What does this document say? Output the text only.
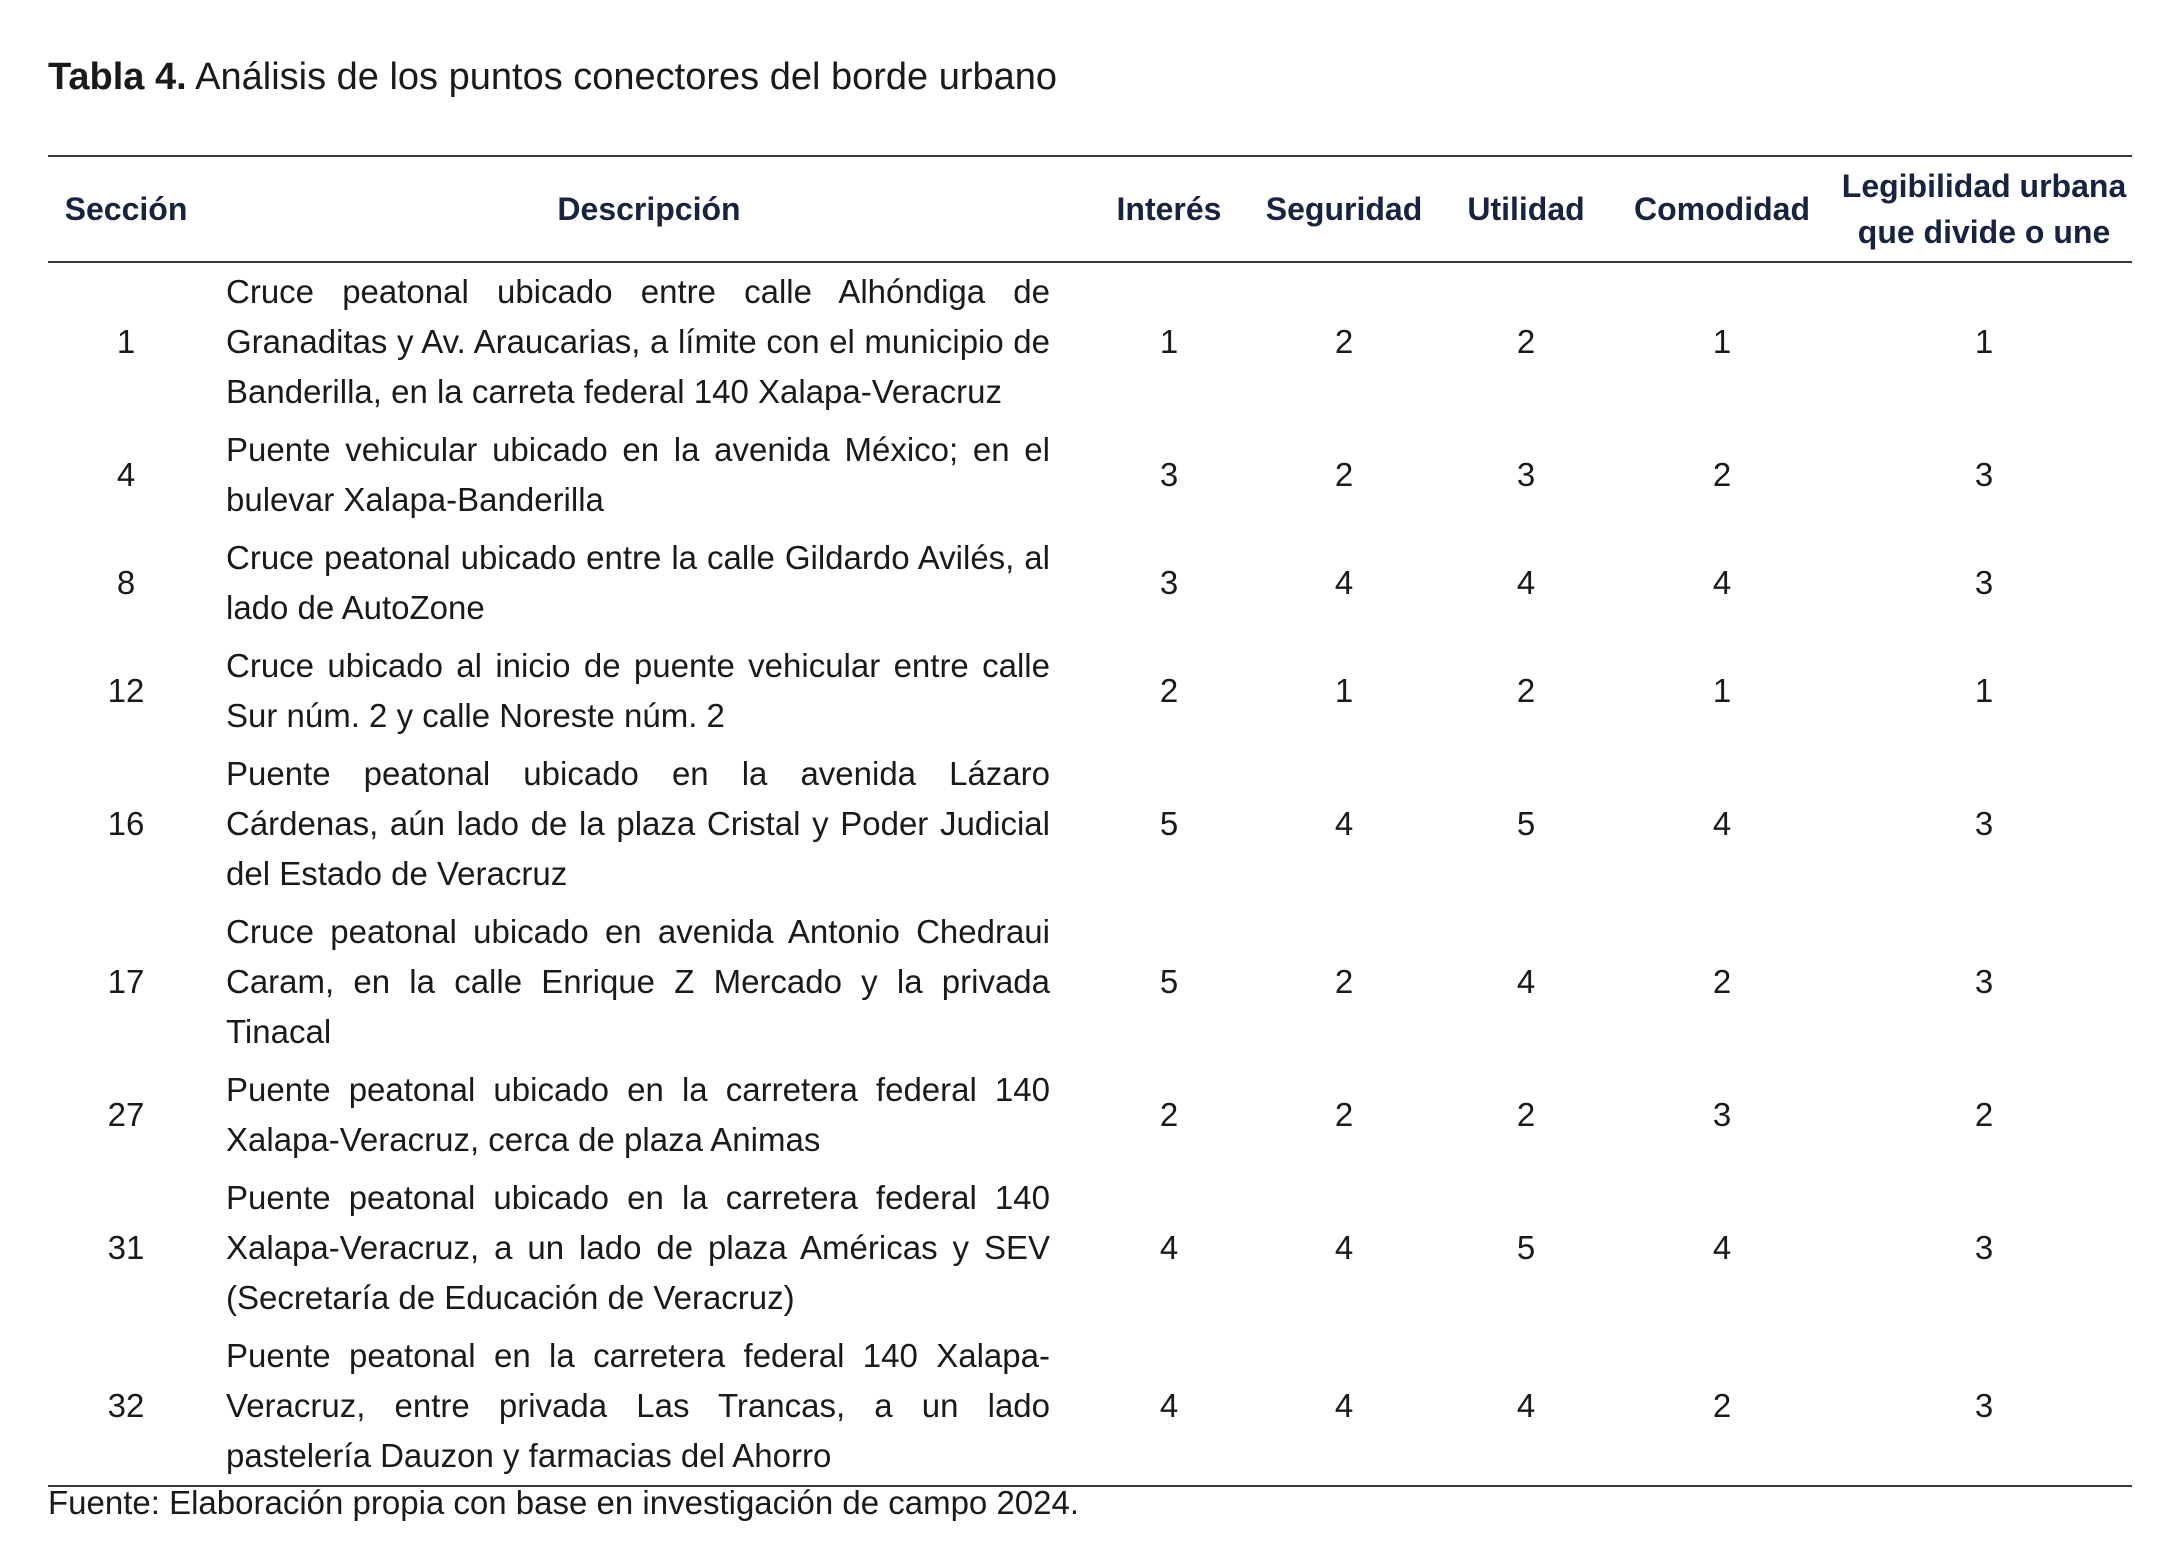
Tabla 4. Análisis de los puntos conectores del borde urbano
Sección	Descripción	Interés	Seguridad	Utilidad	Comodidad	Legibilidad urbana
que divide o une
1	Cruce peatonal ubicado entre calle Alhóndiga de Granaditas y Av. Araucarias, a límite con el municipio de Banderilla, en la carreta federal 140 Xalapa-Veracruz	1	2	2	1	1
4	Puente vehicular ubicado en la avenida México; en el bulevar Xalapa-Banderilla	3	2	3	2	3
8	Cruce peatonal ubicado entre la calle Gildardo Avilés, al lado de AutoZone	3	4	4	4	3
12	Cruce ubicado al inicio de puente vehicular entre calle Sur núm. 2 y calle Noreste núm. 2	2	1	2	1	1
16	Puente peatonal ubicado en la avenida Lázaro Cárdenas, aún lado de la plaza Cristal y Poder Judicial del Estado de Veracruz	5	4	5	4	3
17	Cruce peatonal ubicado en avenida Antonio Chedraui Caram, en la calle Enrique Z Mercado y la privada Tinacal	5	2	4	2	3
27	Puente peatonal ubicado en la carretera federal 140 Xalapa-Veracruz, cerca de plaza Animas	2	2	2	3	2
31	Puente peatonal ubicado en la carretera federal 140 Xalapa-Veracruz, a un lado de plaza Américas y SEV (Secretaría de Educación de Veracruz)	4	4	5	4	3
32	Puente peatonal en la carretera federal 140 Xalapa-Veracruz, entre privada Las Trancas, a un lado pastelería Dauzon y farmacias del Ahorro	4	4	4	2	3
Fuente: Elaboración propia con base en investigación de campo 2024.
